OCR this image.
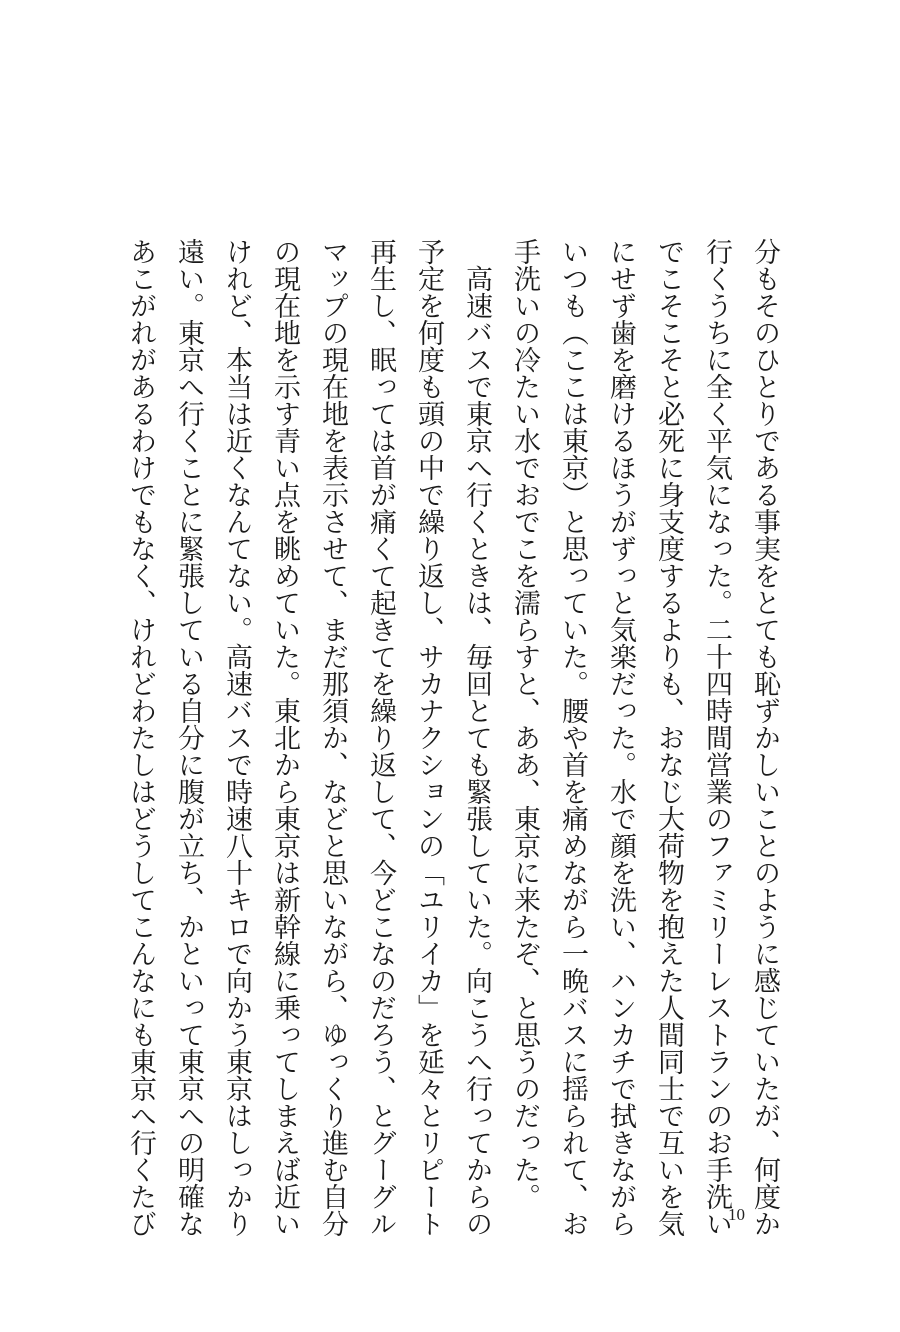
分もそのひとりである事実をとても恥ずかしいことのように感じていたが、何度か
行くうちに全く平気になった。二十四時間営業のファミリーレストランのお手洗い
でこそこそと必死に身支度するよりも、おなじ大荷物を抱えた人間同士で互いを気
にせず歯を磨けるほうがずっと気楽だった。水で顔を洗い、ハンカチで拭きながら
いつも（ここは東京）と思っていた。腰や首を痛めながら一晩バスに揺られて、お
手洗いの冷たい水でおでこを濡らすと、ああ、東京に来たぞ、と思うのだった。
　高速バスで東京へ行くときは、毎回とても緊張していた。向こうへ行ってからの
予定を何度も頭の中で繰り返し、サカナクションの「ユリイカ」を延々とリピート
再生し、眠っては首が痛くて起きてを繰り返して、今どこなのだろう、とグーグル
マップの現在地を表示させて、まだ那須か、などと思いながら、ゆっくり進む自分
の現在地を示す青い点を眺めていた。東北から東京は新幹線に乗ってしまえば近い
けれど、本当は近くなんてない。高速バスで時速八十キロで向かう東京はしっかり
遠い。東京へ行くことに緊張している自分に腹が立ち、かといって東京への明確な
あこがれがあるわけでもなく、けれどわたしはどうしてこんなにも東京へ行くたび	10
